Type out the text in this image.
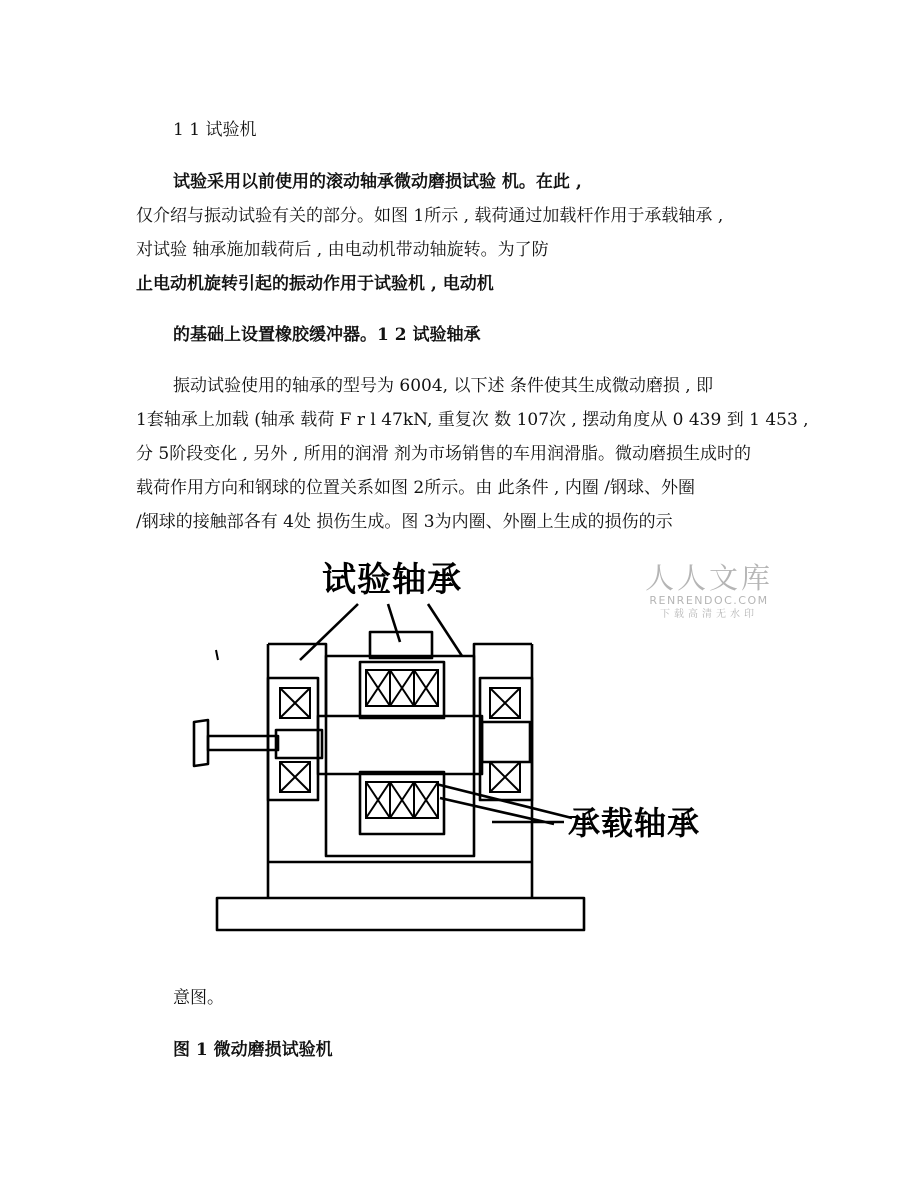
1 1 试验机

试验采用以前使用的滚动轴承微动磨损试验 机。在此 ,

仅介绍与振动试验有关的部分。如图 1所示 , 载荷通过加载杆作用于承载轴承 ,

对试验 轴承施加载荷后 , 由电动机带动轴旋转。为了防

止电动机旋转引起的振动作用于试验机 , 电动机

的基础上设置橡胶缓冲器。1 2 试验轴承

振动试验使用的轴承的型号为 6004, 以下述 条件使其生成微动磨损 , 即

1套轴承上加载 (轴承 载荷 F r l 47kN, 重复次 数 107次 , 摆动角度从 0 439 到 1 453 ,

分 5阶段变化 , 另外 , 所用的润滑 剂为市场销售的车用润滑脂。微动磨损生成时的

载荷作用方向和钢球的位置关系如图 2所示。由 此条件 , 内圈 /钢球、外圈

/钢球的接触部各有 4处 损伤生成。图 3为内圈、外圈上生成的损伤的示

试验轴承
承载轴承
人人文库
RENRENDOC.COM
下载高清无水印

意图。

图 1 微动磨损试验机
